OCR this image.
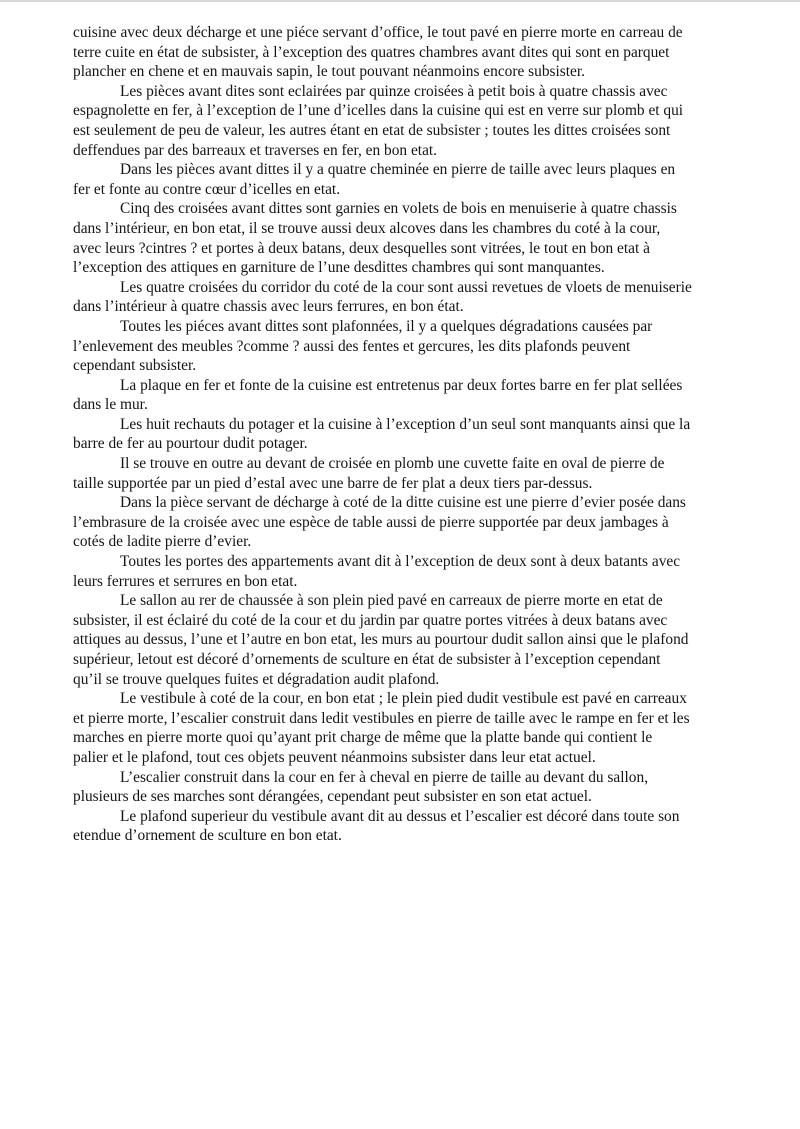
cuisine avec deux décharge et une piéce servant d’office, le tout pavé en pierre morte en carreau de
terre cuite en état de subsister, à l’exception des quatres chambres avant dites qui sont en parquet
plancher en chene et en mauvais sapin, le tout pouvant néanmoins encore subsister.

Les pièces avant dites sont eclairées par quinze croisées à petit bois à quatre chassis avec
espagnolette en fer, à l’exception de l’une d’icelles dans la cuisine qui est en verre sur plomb et qui
est seulement de peu de valeur, les autres étant en etat de subsister ; toutes les dittes croisées sont
deffendues par des barreaux et traverses en fer, en bon etat.

Dans les pièces avant dittes il y a quatre cheminée en pierre de taille avec leurs plaques en
fer et fonte au contre cœur d’icelles en etat.

Cinq des croisées avant dittes sont garnies en volets de bois en menuiserie à quatre chassis
dans l’intérieur, en bon etat, il se trouve aussi deux alcoves dans les chambres du coté à la cour,
avec leurs ?cintres ? et portes à deux batans, deux desquelles sont vitrées, le tout en bon etat à
l’exception des attiques en garniture de l’une desdittes chambres qui sont manquantes.

Les quatre croisées du corridor du coté de la cour sont aussi revetues de vloets de menuiserie
dans l’intérieur à quatre chassis avec leurs ferrures, en bon état.

Toutes les piéces avant dittes sont plafonnées, il y a quelques dégradations causées par
l’enlevement des meubles ?comme ? aussi des fentes et gercures, les dits plafonds peuvent
cependant subsister.

La plaque en fer et fonte de la cuisine est entretenus par deux fortes barre en fer plat sellées
dans le mur.

Les huit rechauts du potager et la cuisine à l’exception d’un seul sont manquants ainsi que la
barre de fer au pourtour dudit potager.

Il se trouve en outre au devant de croisée en plomb une cuvette faite en oval de pierre de
taille supportée par un pied d’estal avec une barre de fer plat a deux tiers par-dessus.

Dans la pièce servant de décharge à coté de la ditte cuisine est une pierre d’evier posée dans
l’embrasure de la croisée avec une espèce de table aussi de pierre supportée par deux jambages à
cotés de ladite pierre d’evier.

Toutes les portes des appartements avant dit à l’exception de deux sont à deux batants avec
leurs ferrures et serrures en bon etat.

Le sallon au rer de chaussée à son plein pied pavé en carreaux de pierre morte en etat de
subsister, il est éclairé du coté de la cour et du jardin par quatre portes vitrées à deux batans avec
attiques au dessus, l’une et l’autre en bon etat, les murs au pourtour dudit sallon ainsi que le plafond
supérieur, letout est décoré d’ornements de sculture en état de subsister à l’exception cependant
qu’il se trouve quelques fuites et dégradation audit plafond.

Le vestibule à coté de la cour, en bon etat ; le plein pied dudit vestibule est pavé en carreaux
et pierre morte, l’escalier construit dans ledit vestibules en pierre de taille avec le rampe en fer et les
marches en pierre morte quoi qu’ayant prit charge de même que la platte bande qui contient le
palier et le plafond, tout ces objets peuvent néanmoins subsister dans leur etat actuel.

L’escalier construit dans la cour en fer à cheval en pierre de taille au devant du sallon,
plusieurs de ses marches sont dérangées, cependant peut subsister en son etat actuel.

Le plafond superieur du vestibule avant dit au dessus et l’escalier est décoré dans toute son
etendue d’ornement de sculture en bon etat.
